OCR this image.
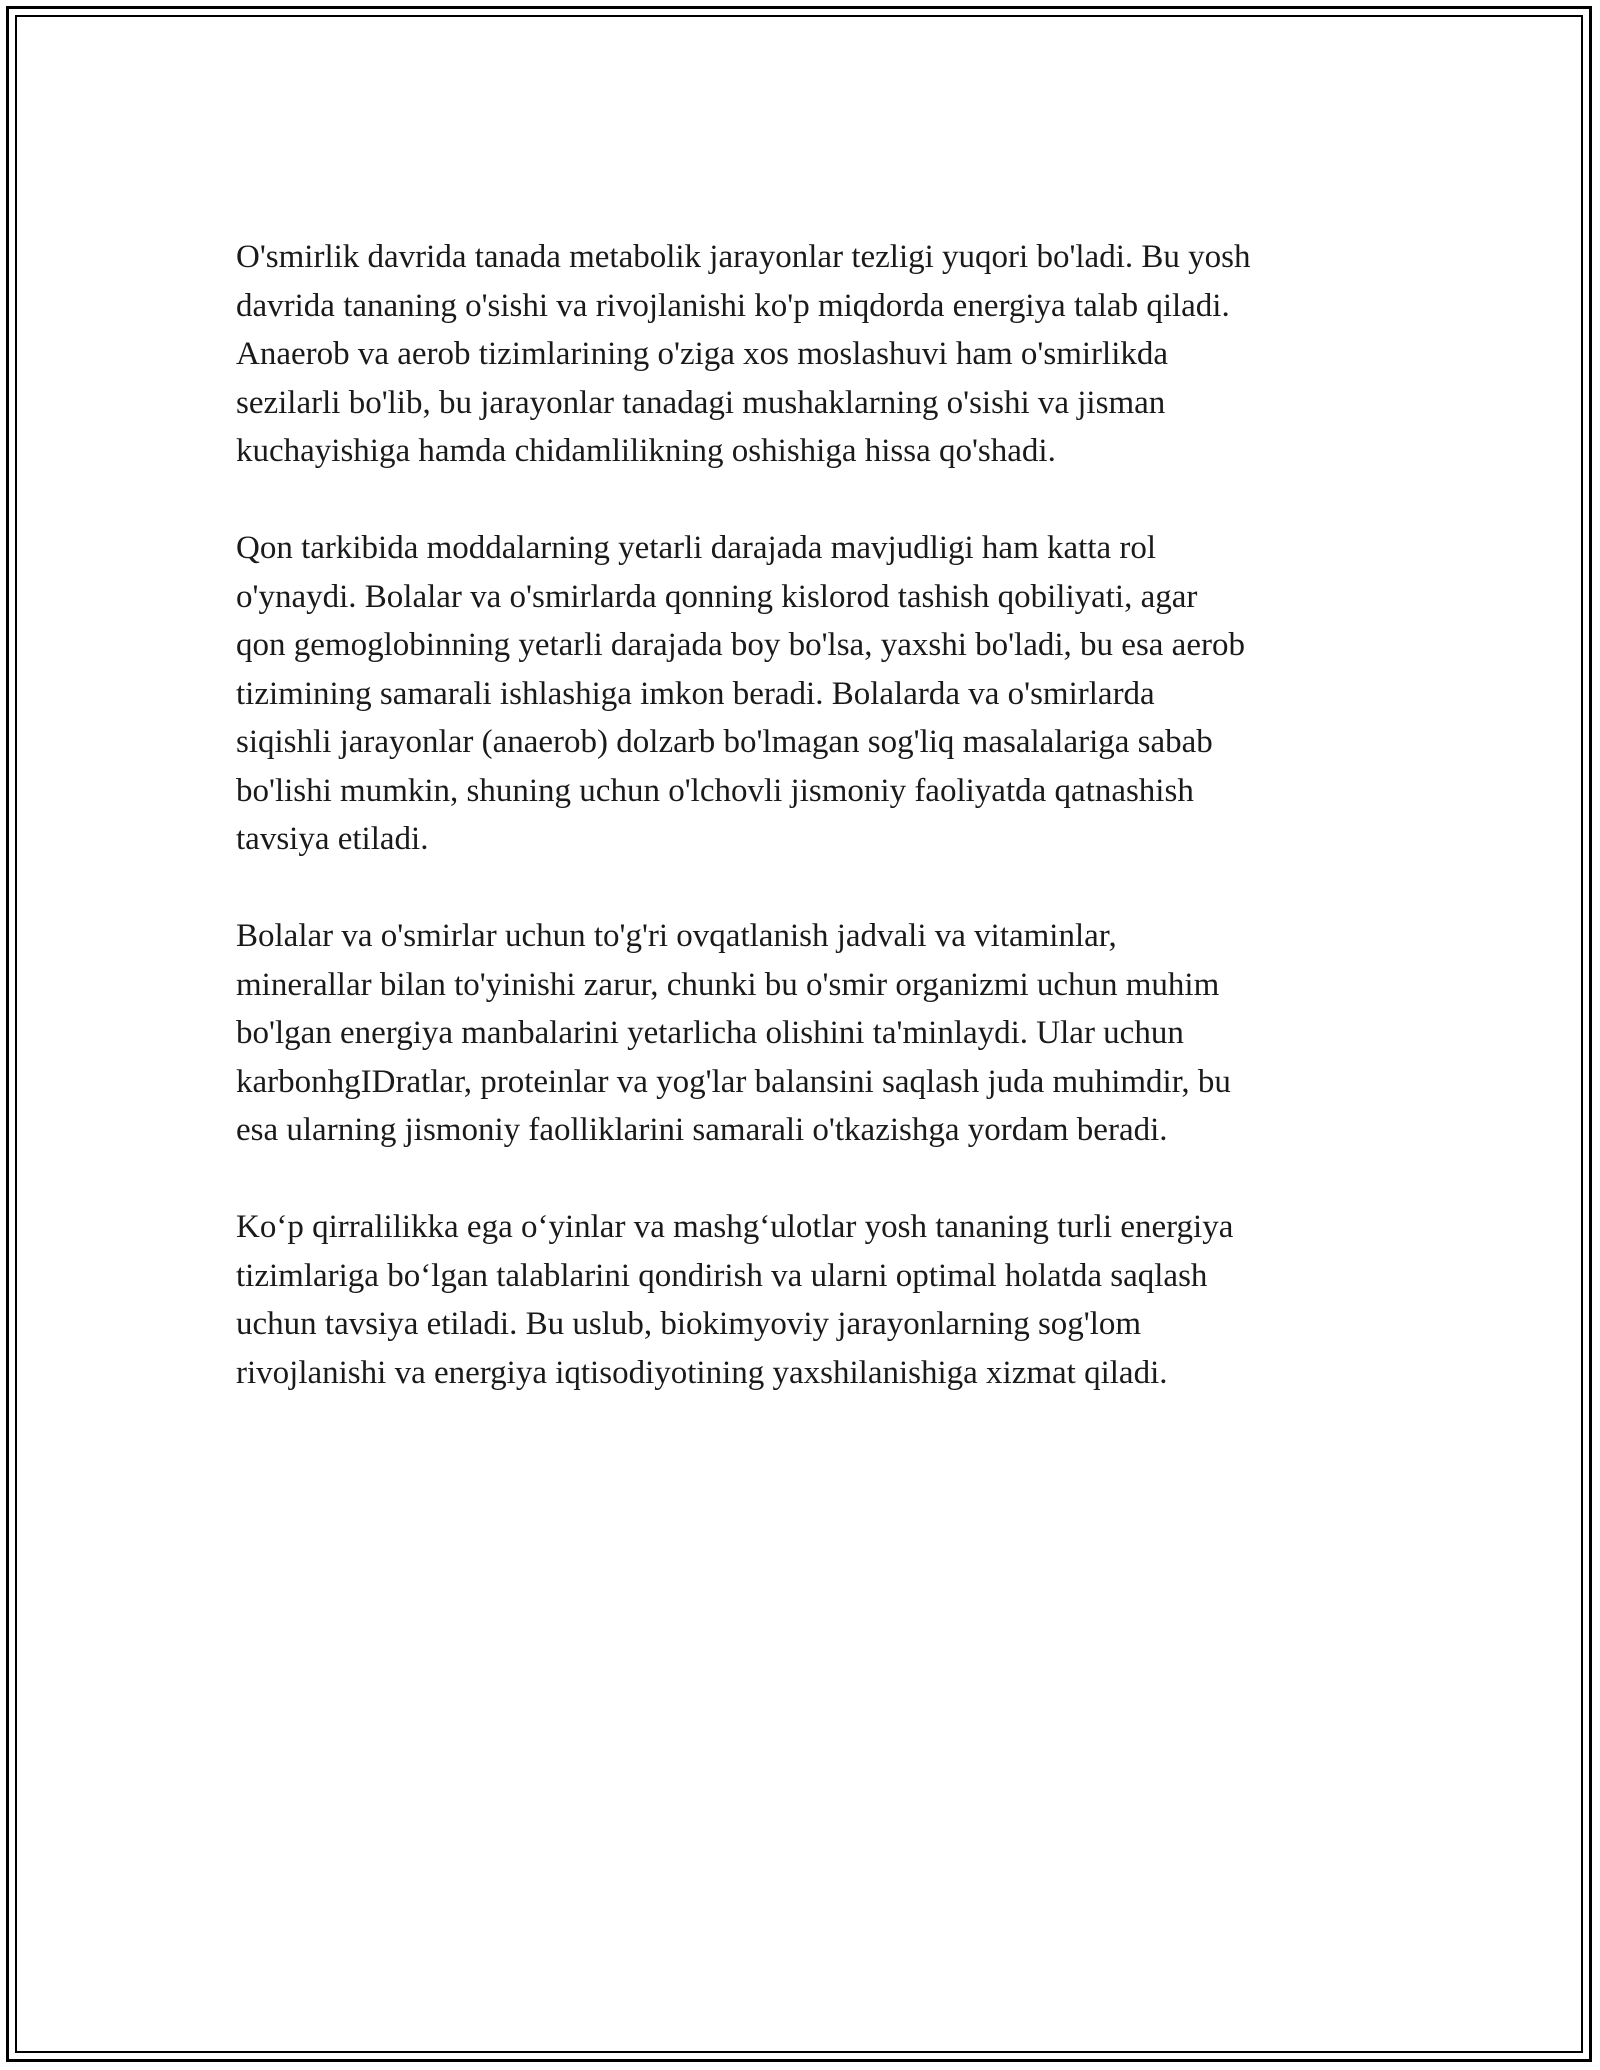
O'smirlik davrida tanada metabolik jarayonlar tezligi yuqori bo'ladi. Bu yosh
davrida tananing o'sishi va rivojlanishi ko'p miqdorda energiya talab qiladi.
Anaerob va aerob tizimlarining o'ziga xos moslashuvi ham o'smirlikda
sezilarli bo'lib, bu jarayonlar tanadagi mushaklarning o'sishi va jisman
kuchayishiga hamda chidamlilikning oshishiga hissa qo'shadi.

Qon tarkibida moddalarning yetarli darajada mavjudligi ham katta rol
o'ynaydi. Bolalar va o'smirlarda qonning kislorod tashish qobiliyati, agar
qon gemoglobinning yetarli darajada boy bo'lsa, yaxshi bo'ladi, bu esa aerob
tizimining samarali ishlashiga imkon beradi. Bolalarda va o'smirlarda
siqishli jarayonlar (anaerob) dolzarb bo'lmagan sog'liq masalalariga sabab
bo'lishi mumkin, shuning uchun o'lchovli jismoniy faoliyatda qatnashish
tavsiya etiladi.

Bolalar va o'smirlar uchun to'g'ri ovqatlanish jadvali va vitaminlar,
minerallar bilan to'yinishi zarur, chunki bu o'smir organizmi uchun muhim
bo'lgan energiya manbalarini yetarlicha olishini ta'minlaydi. Ular uchun
karbonhgIDratlar, proteinlar va yog'lar balansini saqlash juda muhimdir, bu
esa ularning jismoniy faolliklarini samarali o'tkazishga yordam beradi.

Ko‘p qirralilikka ega o‘yinlar va mashg‘ulotlar yosh tananing turli energiya
tizimlariga bo‘lgan talablarini qondirish va ularni optimal holatda saqlash
uchun tavsiya etiladi. Bu uslub, biokimyoviy jarayonlarning sog'lom
rivojlanishi va energiya iqtisodiyotining yaxshilanishiga xizmat qiladi.
